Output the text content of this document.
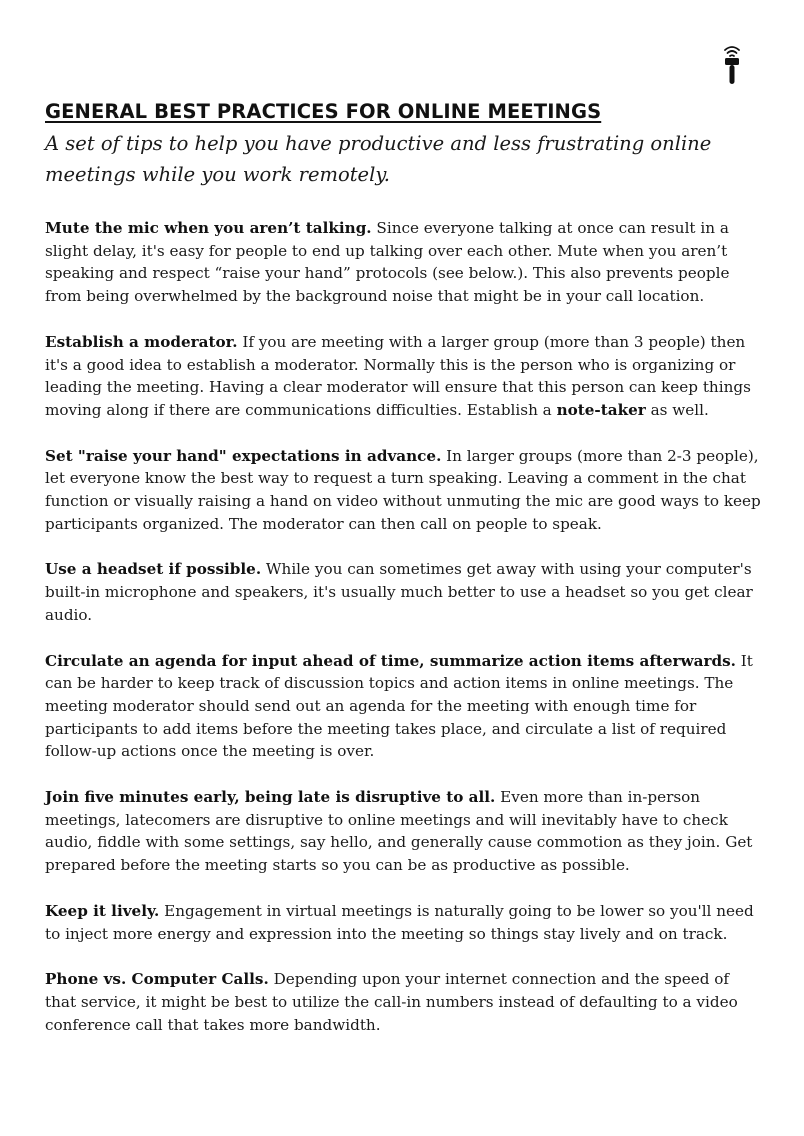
GENERAL BEST PRACTICES FOR ONLINE MEETINGS

A set of tips to help you have productive and less frustrating online meetings while you work remotely.

Mute the mic when you aren’t talking. Since everyone talking at once can result in a slight delay, it's easy for people to end up talking over each other. Mute when you aren’t speaking and respect “raise your hand” protocols (see below.). This also prevents people from being overwhelmed by the background noise that might be in your call location.

Establish a moderator. If you are meeting with a larger group (more than 3 people) then it's a good idea to establish a moderator. Normally this is the person who is organizing or leading the meeting. Having a clear moderator will ensure that this person can keep things moving along if there are communications difficulties. Establish a note-taker as well.

Set "raise your hand" expectations in advance. In larger groups (more than 2-3 people), let everyone know the best way to request a turn speaking. Leaving a comment in the chat function or visually raising a hand on video without unmuting the mic are good ways to keep participants organized. The moderator can then call on people to speak.

Use a headset if possible. While you can sometimes get away with using your computer's built-in microphone and speakers, it's usually much better to use a headset so you get clear audio.

Circulate an agenda for input ahead of time, summarize action items afterwards. It can be harder to keep track of discussion topics and action items in online meetings. The meeting moderator should send out an agenda for the meeting with enough time for participants to add items before the meeting takes place, and circulate a list of required follow-up actions once the meeting is over.

Join five minutes early, being late is disruptive to all. Even more than in-person meetings, latecomers are disruptive to online meetings and will inevitably have to check audio, fiddle with some settings, say hello, and generally cause commotion as they join. Get prepared before the meeting starts so you can be as productive as possible.

Keep it lively. Engagement in virtual meetings is naturally going to be lower so you'll need to inject more energy and expression into the meeting so things stay lively and on track.

Phone vs. Computer Calls. Depending upon your internet connection and the speed of that service, it might be best to utilize the call-in numbers instead of defaulting to a video conference call that takes more bandwidth.
